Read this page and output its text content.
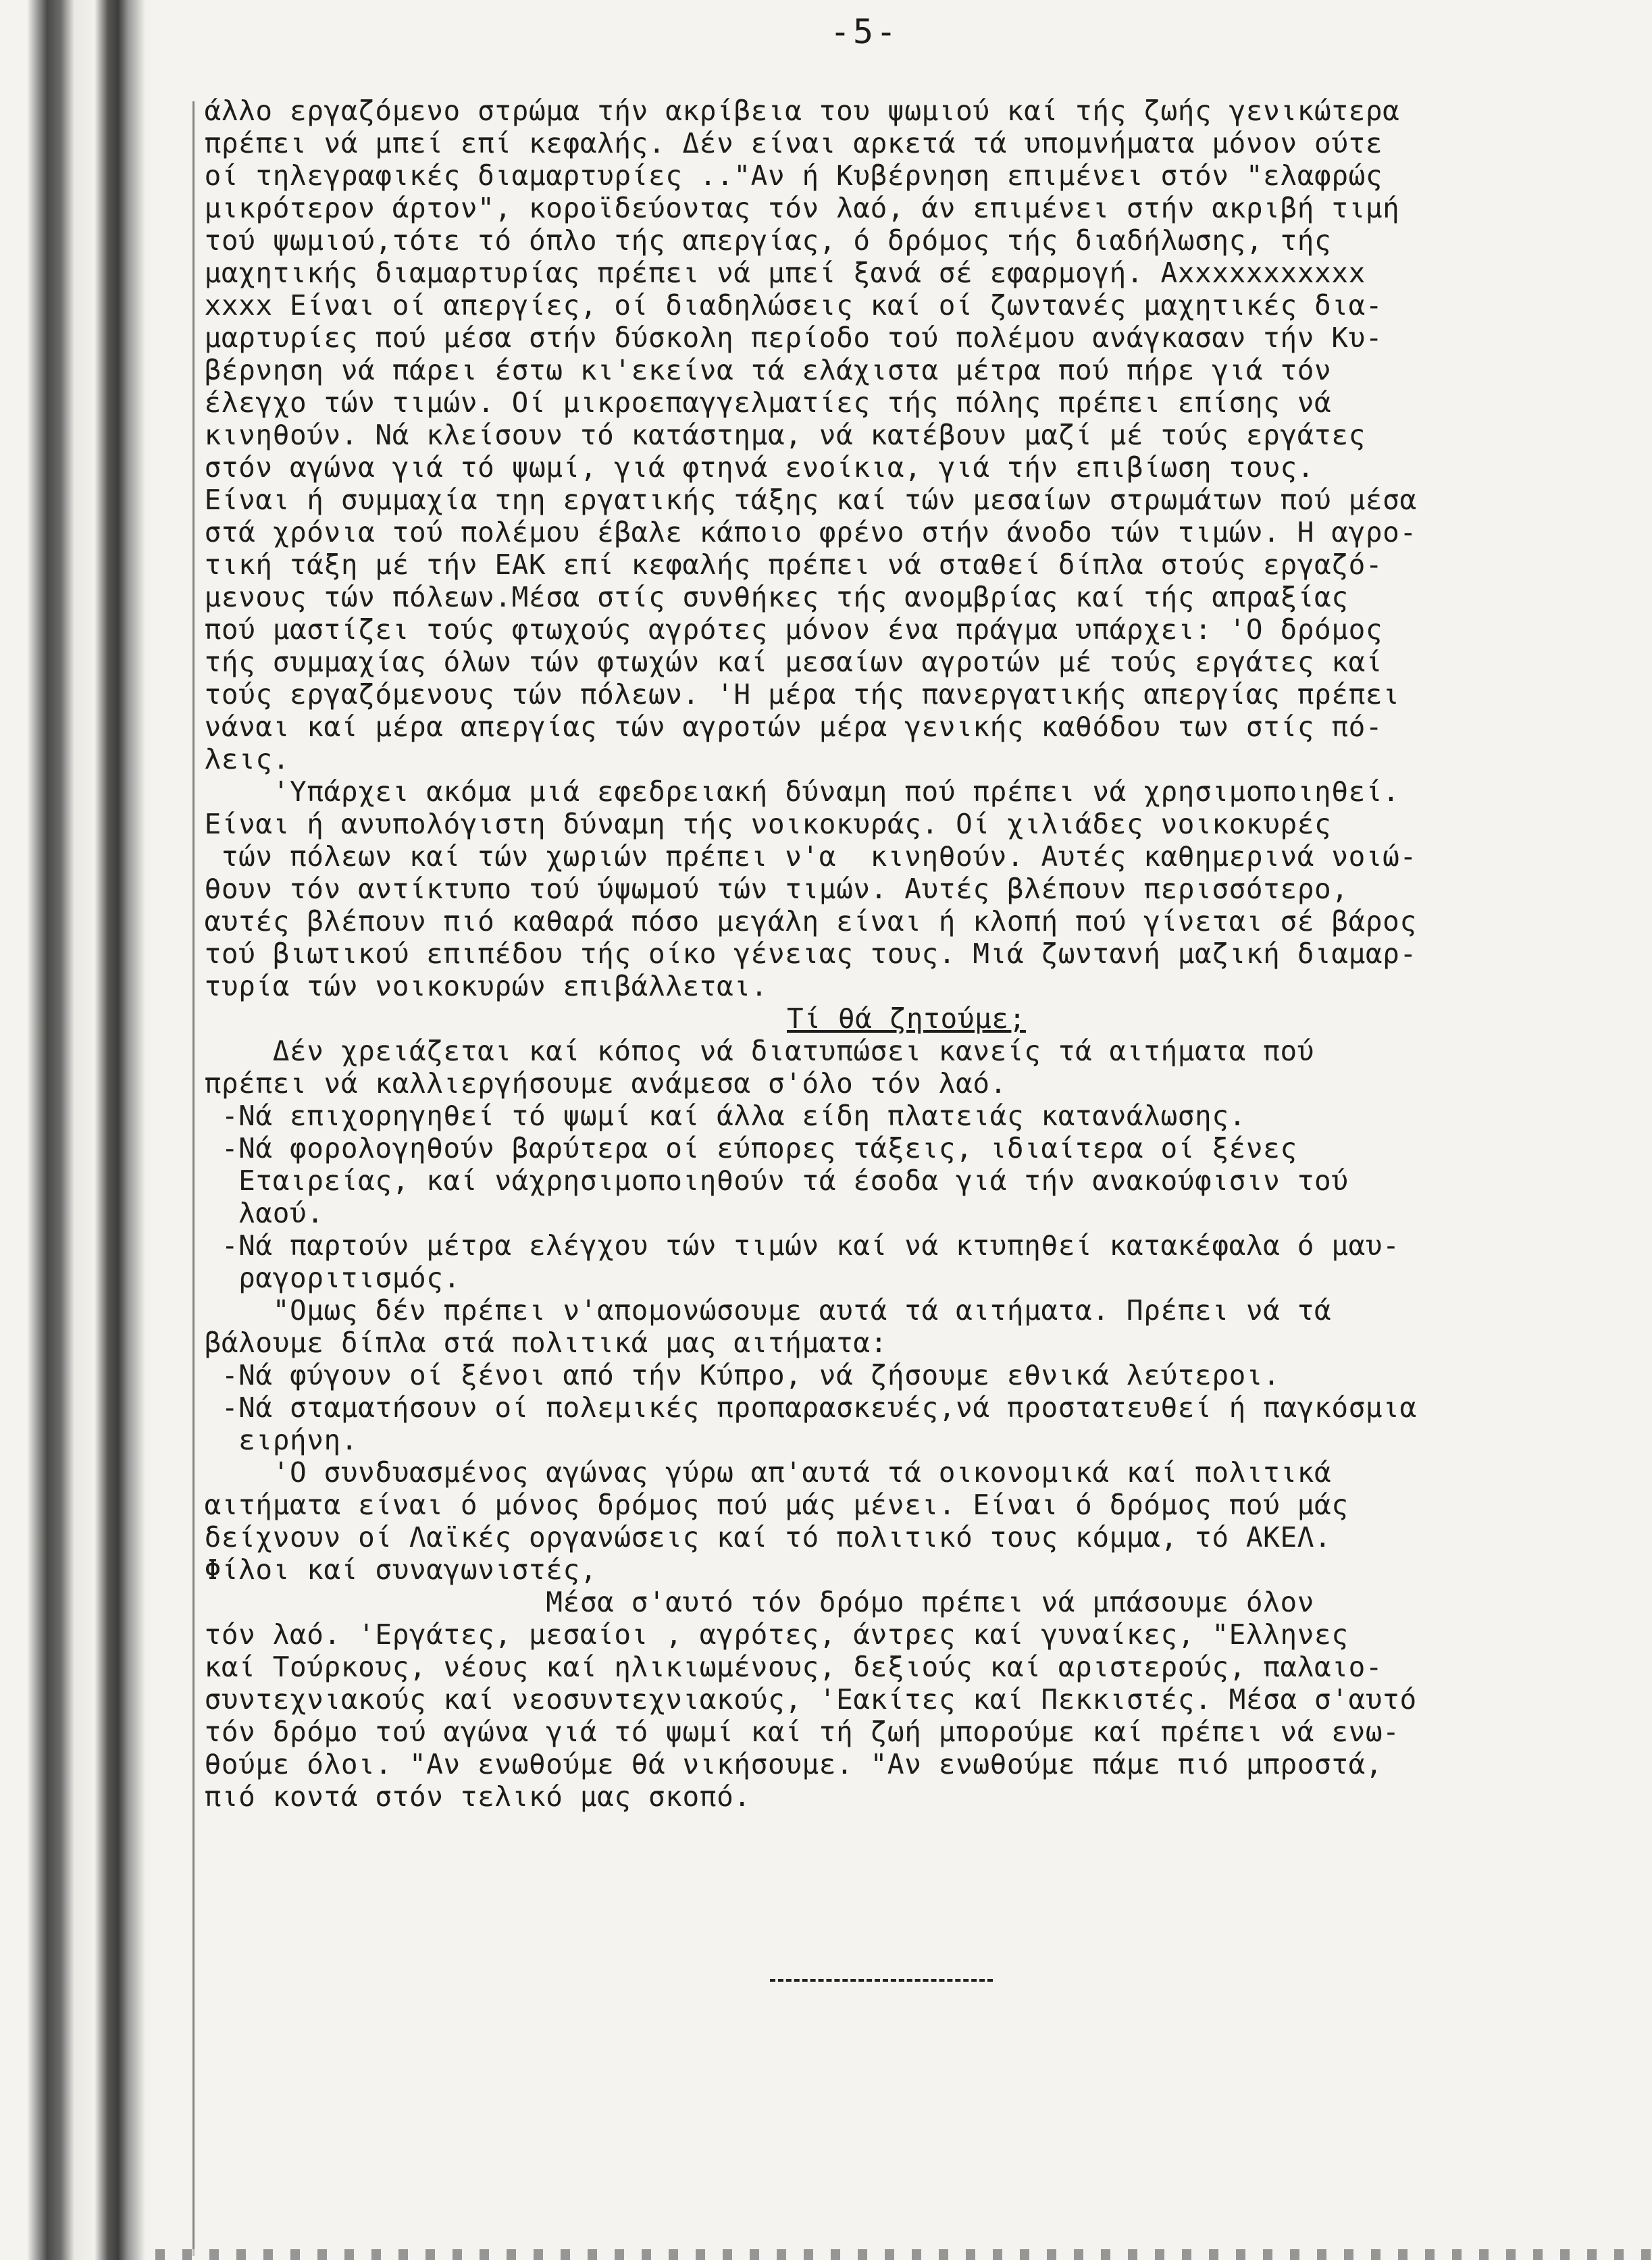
-5-
άλλο εργαζόμενο στρώμα τήν ακρίβεια του ψωμιού καί τής ζωής γενικώτερα
πρέπει νά μπεί επί κεφαλής. Δέν είναι αρκετά τά υπομνήματα μόνον ούτε
οί τηλεγραφικές διαμαρτυρίες .."Αν ή Κυβέρνηση επιμένει στόν "ελαφρώς
μικρότερον άρτον", κοροϊδεύοντας τόν λαό, άν επιμένει στήν ακριβή τιμή
τού ψωμιού,τότε τό όπλο τής απεργίας, ό δρόμος τής διαδήλωσης, τής
μαχητικής διαμαρτυρίας πρέπει νά μπεί ξανά σέ εφαρμογή. Αxxxxxxxxxxx
xxxx Είναι οί απεργίες, οί διαδηλώσεις καί οί ζωντανές μαχητικές δια-
μαρτυρίες πού μέσα στήν δύσκολη περίοδο τού πολέμου ανάγκασαν τήν Κυ-
βέρνηση νά πάρει έστω κι'εκείνα τά ελάχιστα μέτρα πού πήρε γιά τόν
έλεγχο τών τιμών. Οί μικροεπαγγελματίες τής πόλης πρέπει επίσης νά
κινηθούν. Νά κλείσουν τό κατάστημα, νά κατέβουν μαζί μέ τούς εργάτες
στόν αγώνα γιά τό ψωμί, γιά φτηνά ενοίκια, γιά τήν επιβίωση τους.
Είναι ή συμμαχία τηη εργατικής τάξης καί τών μεσαίων στρωμάτων πού μέσα
στά χρόνια τού πολέμου έβαλε κάποιο φρένο στήν άνοδο τών τιμών. Η αγρο-
τική τάξη μέ τήν ΕΑΚ επί κεφαλής πρέπει νά σταθεί δίπλα στούς εργαζό-
μενους τών πόλεων.Μέσα στίς συνθήκες τής ανομβρίας καί τής απραξίας
πού μαστίζει τούς φτωχούς αγρότες μόνον ένα πράγμα υπάρχει: 'Ο δρόμος
τής συμμαχίας όλων τών φτωχών καί μεσαίων αγροτών μέ τούς εργάτες καί
τούς εργαζόμενους τών πόλεων. 'Η μέρα τής πανεργατικής απεργίας πρέπει
νάναι καί μέρα απεργίας τών αγροτών μέρα γενικής καθόδου των στίς πό-
λεις.
'Υπάρχει ακόμα μιά εφεδρειακή δύναμη πού πρέπει νά χρησιμοποιηθεί.
Είναι ή ανυπολόγιστη δύναμη τής νοικοκυράς. Οί χιλιάδες νοικοκυρές
τών πόλεων καί τών χωριών πρέπει ν'α  κινηθούν. Αυτές καθημερινά νοιώ-
θουν τόν αντίκτυπο τού ύψωμού τών τιμών. Αυτές βλέπουν περισσότερο,
αυτές βλέπουν πιό καθαρά πόσο μεγάλη είναι ή κλοπή πού γίνεται σέ βάρος
τού βιωτικού επιπέδου τής οίκο γένειας τους. Μιά ζωντανή μαζική διαμαρ-
τυρία τών νοικοκυρών επιβάλλεται.
Τί θά ζητούμε;
Δέν χρειάζεται καί κόπος νά διατυπώσει κανείς τά αιτήματα πού
πρέπει νά καλλιεργήσουμε ανάμεσα σ'όλο τόν λαό.
-Νά επιχορηγηθεί τό ψωμί καί άλλα είδη πλατειάς κατανάλωσης.
-Νά φορολογηθούν βαρύτερα οί εύπορες τάξεις, ιδιαίτερα οί ξένες
Εταιρείας, καί νάχρησιμοποιηθούν τά έσοδα γιά τήν ανακούφισιν τού
λαού.
-Νά παρτούν μέτρα ελέγχου τών τιμών καί νά κτυπηθεί κατακέφαλα ό μαυ-
ραγοριτισμός.
"Ομως δέν πρέπει ν'απομονώσουμε αυτά τά αιτήματα. Πρέπει νά τά
βάλουμε δίπλα στά πολιτικά μας αιτήματα:
-Νά φύγουν οί ξένοι από τήν Κύπρο, νά ζήσουμε εθνικά λεύτεροι.
-Νά σταματήσουν οί πολεμικές προπαρασκευές,νά προστατευθεί ή παγκόσμια
ειρήνη.
'Ο συνδυασμένος αγώνας γύρω απ'αυτά τά οικονομικά καί πολιτικά
αιτήματα είναι ό μόνος δρόμος πού μάς μένει. Είναι ό δρόμος πού μάς
δείχνουν οί Λαϊκές οργανώσεις καί τό πολιτικό τους κόμμα, τό ΑΚΕΛ.
Φίλοι καί συναγωνιστές,
Μέσα σ'αυτό τόν δρόμο πρέπει νά μπάσουμε όλον
τόν λαό. 'Εργάτες, μεσαίοι , αγρότες, άντρες καί γυναίκες, "Ελληνες
καί Τούρκους, νέους καί ηλικιωμένους, δεξιούς καί αριστερούς, παλαιο-
συντεχνιακούς καί νεοσυντεχνιακούς, 'Εακίτες καί Πεκκιστές. Μέσα σ'αυτό
τόν δρόμο τού αγώνα γιά τό ψωμί καί τή ζωή μπορούμε καί πρέπει νά ενω-
θούμε όλοι. "Αν ενωθούμε θά νικήσουμε. "Αν ενωθούμε πάμε πιό μπροστά,
πιό κοντά στόν τελικό μας σκοπό.
